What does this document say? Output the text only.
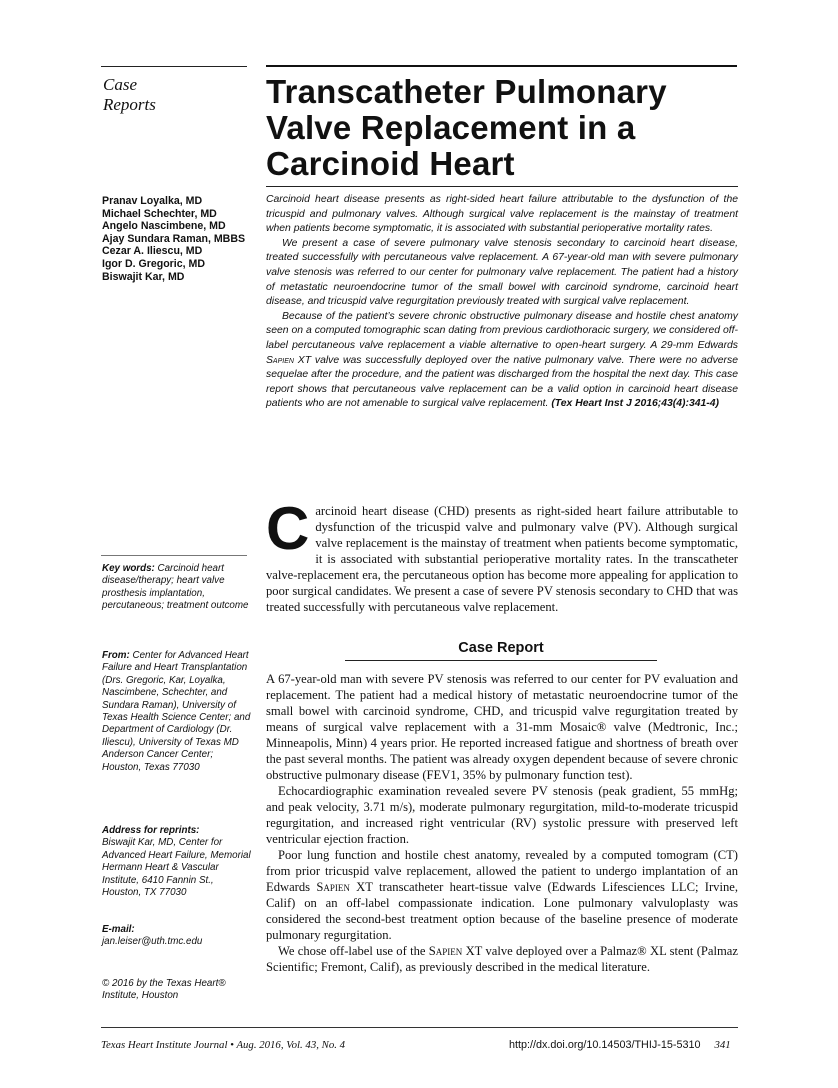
Case
Reports	Transcatheter Pulmonary
Valve Replacement in a
Carcinoid Heart
Pranav Loyalka, MD
Michael Schechter, MD
Angelo Nascimbene, MD
Ajay Sundara Raman, MBBS
Cezar A. Iliescu, MD
Igor D. Gregoric, MD
Biswajit Kar, MD

Carcinoid heart disease presents as right-sided heart failure attributable to the dysfunction of the tricuspid and pulmonary valves. Although surgical valve replacement is the mainstay of treatment when patients become symptomatic, it is associated with substantial perioperative mortality rates.

We present a case of severe pulmonary valve stenosis secondary to carcinoid heart disease, treated successfully with percutaneous valve replacement. A 67-year-old man with severe pulmonary valve stenosis was referred to our center for pulmonary valve replacement. The patient had a history of metastatic neuroendocrine tumor of the small bowel with carcinoid syndrome, carcinoid heart disease, and tricuspid valve regurgitation previously treated with surgical valve replacement.

Because of the patient’s severe chronic obstructive pulmonary disease and hostile chest anatomy seen on a computed tomographic scan dating from previous cardiothoracic surgery, we considered off-label percutaneous valve replacement a viable alternative to open-heart surgery. A 29-mm Edwards Sapien XT valve was successfully deployed over the native pulmonary valve. There were no adverse sequelae after the procedure, and the patient was discharged from the hospital the next day. This case report shows that percutaneous valve replacement can be a valid option in carcinoid heart disease patients who are not amenable to surgical valve replacement. (Tex Heart Inst J 2016;43(4):341-4)

Carcinoid heart disease (CHD) presents as right-sided heart failure attributable to dysfunction of the tricuspid valve and pulmonary valve (PV). Although surgical valve replacement is the mainstay of treatment when patients become symptomatic, it is associated with substantial perioperative mortality rates. In the transcatheter valve-replacement era, the percutaneous option has become more appealing for application to poor surgical candidates. We present a case of severe PV stenosis secondary to CHD that was treated successfully with percutaneous valve replacement.

Key words: Carcinoid heart disease/therapy; heart valve prosthesis implantation, percutaneous; treatment outcome
From: Center for Advanced Heart Failure and Heart Transplantation (Drs. Gregoric, Kar, Loyalka, Nascimbene, Schechter, and Sundara Raman), University of Texas Health Science Center; and Department of Cardiology (Dr. Iliescu), University of Texas MD Anderson Cancer Center; Houston, Texas 77030
Address for reprints:
Biswajit Kar, MD, Center for Advanced Heart Failure, Memorial Hermann Heart & Vascular Institute, 6410 Fannin St., Houston, TX 77030
E-mail:
jan.leiser@uth.tmc.edu
© 2016 by the Texas Heart® Institute, Houston
Case Report

A 67-year-old man with severe PV stenosis was referred to our center for PV evaluation and replacement. The patient had a medical history of metastatic neuroendocrine tumor of the small bowel with carcinoid syndrome, CHD, and tricuspid valve regurgitation treated by means of surgical valve replacement with a 31-mm Mosaic® valve (Medtronic, Inc.; Minneapolis, Minn) 4 years prior. He reported increased fatigue and shortness of breath over the past several months. The patient was already oxygen dependent because of severe chronic obstructive pulmonary disease (FEV1, 35% by pulmonary function test).

Echocardiographic examination revealed severe PV stenosis (peak gradient, 55 mmHg; and peak velocity, 3.71 m/s), moderate pulmonary regurgitation, mild-to-moderate tricuspid regurgitation, and increased right ventricular (RV) systolic pressure with preserved left ventricular ejection fraction.

Poor lung function and hostile chest anatomy, revealed by a computed tomogram (CT) from prior tricuspid valve replacement, allowed the patient to undergo implantation of an Edwards Sapien XT transcatheter heart-tissue valve (Edwards Lifesciences LLC; Irvine, Calif) on an off-label compassionate indication. Lone pulmonary valvuloplasty was considered the second-best treatment option because of the baseline presence of moderate pulmonary regurgitation.

We chose off-label use of the Sapien XT valve deployed over a Palmaz® XL stent (Palmaz Scientific; Fremont, Calif), as previously described in the medical literature.

Texas Heart Institute Journal • Aug. 2016, Vol. 43, No. 4	http://dx.doi.org/10.14503/THIJ-15-5310 341
